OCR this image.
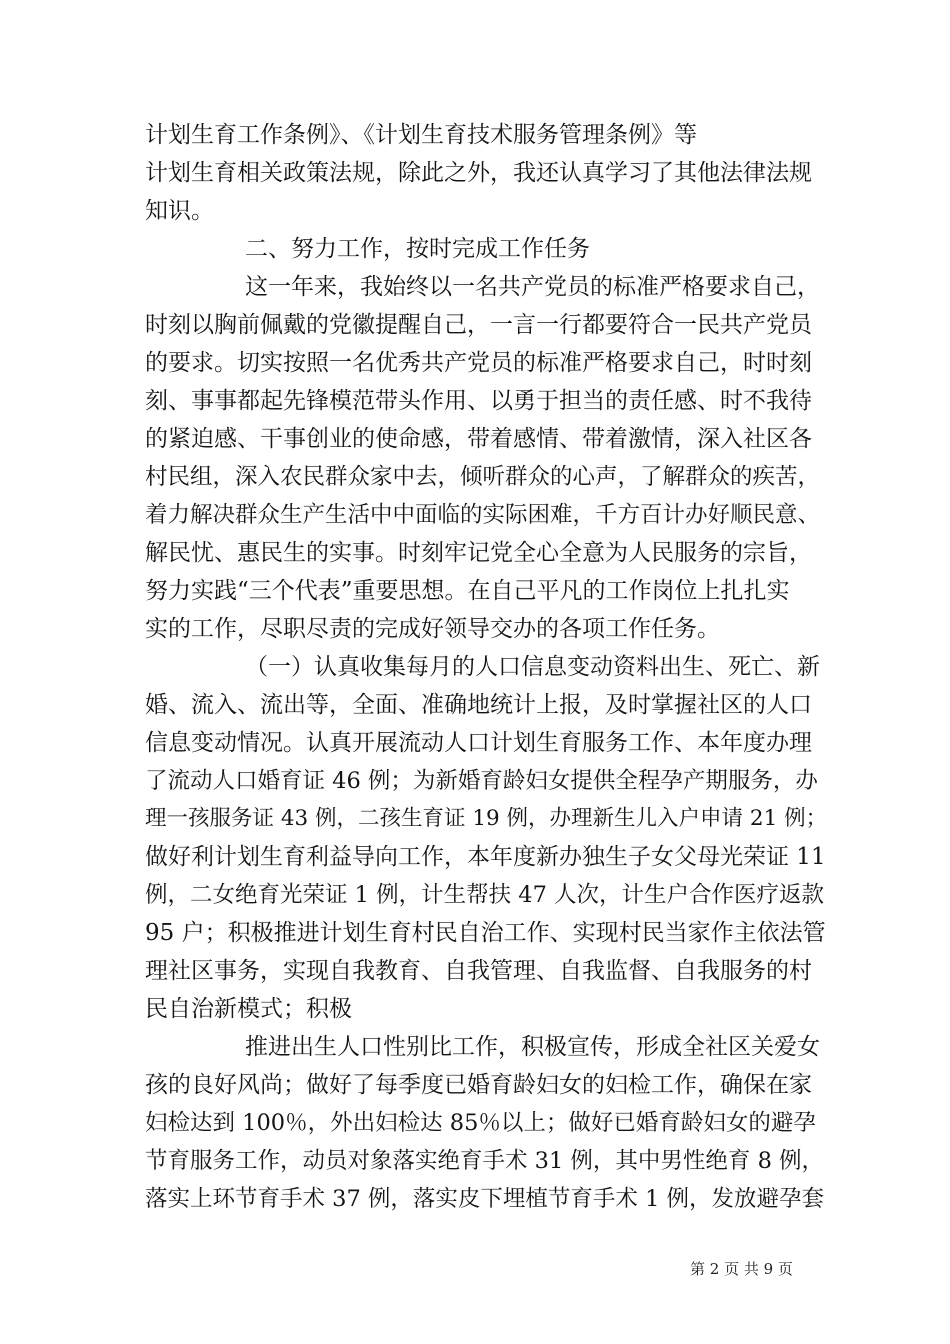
计划生育工作条例》、《计划生育技术服务管理条例》等
计划生育相关政策法规，除此之外，我还认真学习了其他法律法规
知识。
二、努力工作，按时完成工作任务
这一年来，我始终以一名共产党员的标准严格要求自己，
时刻以胸前佩戴的党徽提醒自己，一言一行都要符合一民共产党员
的要求。切实按照一名优秀共产党员的标准严格要求自己，时时刻
刻、事事都起先锋模范带头作用、以勇于担当的责任感、时不我待
的紧迫感、干事创业的使命感，带着感情、带着激情，深入社区各
村民组，深入农民群众家中去，倾听群众的心声，了解群众的疾苦，
着力解决群众生产生活中中面临的实际困难，千方百计办好顺民意、
解民忧、惠民生的实事。时刻牢记党全心全意为人民服务的宗旨，
努力实践“三个代表”重要思想。在自己平凡的工作岗位上扎扎实
实的工作，尽职尽责的完成好领导交办的各项工作任务。
（一）认真收集每月的人口信息变动资料出生、死亡、新
婚、流入、流出等，全面、准确地统计上报，及时掌握社区的人口
信息变动情况。认真开展流动人口计划生育服务工作、本年度办理
了流动人口婚育证 46 例；为新婚育龄妇女提供全程孕产期服务，办
理一孩服务证 43 例，二孩生育证 19 例，办理新生儿入户申请 21 例；
做好利计划生育利益导向工作，本年度新办独生子女父母光荣证 11
例，二女绝育光荣证 1 例，计生帮扶 47 人次，计生户合作医疗返款
95 户；积极推进计划生育村民自治工作、实现村民当家作主依法管
理社区事务，实现自我教育、自我管理、自我监督、自我服务的村
民自治新模式；积极
推进出生人口性别比工作，积极宣传，形成全社区关爱女
孩的良好风尚；做好了每季度已婚育龄妇女的妇检工作，确保在家
妇检达到 100％，外出妇检达 85％以上；做好已婚育龄妇女的避孕
节育服务工作，动员对象落实绝育手术 31 例，其中男性绝育 8 例，
落实上环节育手术 37 例，落实皮下埋植节育手术 1 例，发放避孕套
第 2 页 共 9 页
